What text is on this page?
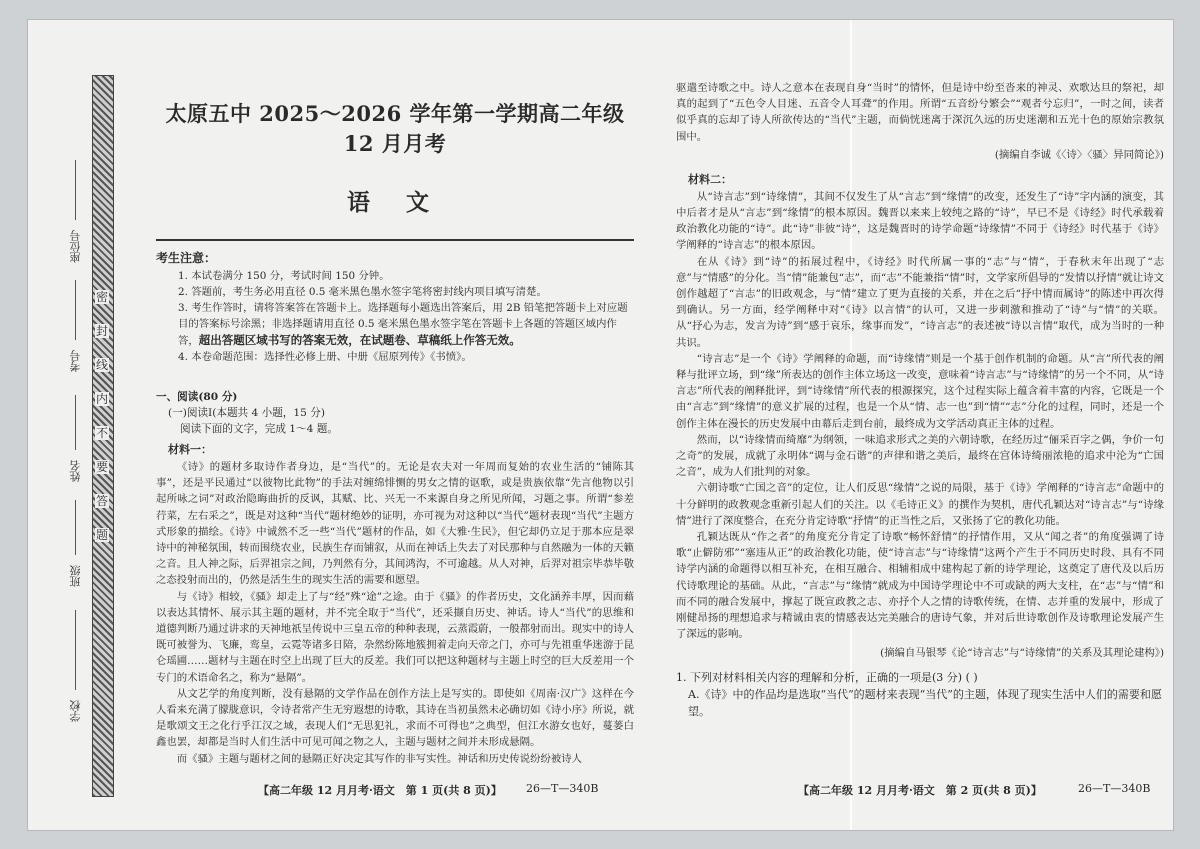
密
封
线
内
不
要
答
题
学校
班级
姓名
考号
座位号
太原五中 2025～2026 学年第一学期高二年级 12 月月考
语 文
考生注意：
1. 本试卷满分 150 分，考试时间 150 分钟。
2. 答题前，考生务必用直径 0.5 毫米黑色墨水签字笔将密封线内项目填写清楚。
3. 考生作答时，请将答案答在答题卡上。选择题每小题选出答案后，用 2B 铅笔把答题卡上对应题目的答案标号涂黑；非选择题请用直径 0.5 毫米黑色墨水签字笔在答题卡上各题的答题区域内作答，超出答题区域书写的答案无效，在试题卷、草稿纸上作答无效。
4. 本卷命题范围：选择性必修上册、中册《屈原列传》《书愤》。

一、阅读(80 分)

(一)阅读Ⅰ(本题共 4 小题，15 分)

阅读下面的文字，完成 1～4 题。

材料一：

《诗》的题材多取诗作者身边，是“当代”的。无论是农夫对一年周而复始的农业生活的“铺陈其事”，还是平民通过“以彼物比此物”的手法对缠绵悱恻的男女之情的讴歌，或是贵族依靠“先言他物以引起所咏之词”对政治隐晦曲折的反讽，其赋、比、兴无一不来源自身之所见所闻，习题之事。所谓“参差荇菜，左右采之”，既是对这种“当代”题材绝妙的证明，亦可视为对这种以“当代”题材表现“当代”主题方式形象的描绘。《诗》中诚然不乏一些“当代”题材的作品，如《大雅·生民》，但它却仍立足于那本应是翠诗中的神秘氛围，转而围绕农业，民族生存而铺叙，从而在神话上失去了对民那种与自然融为一体的天籁之音。且人神之际，后羿祖宗之间，乃判然有分，其间鸿沟，不可逾越。从人对神，后羿对祖宗毕恭毕敬之态投射而出的，仍然是活生生的现实生活的需要和愿望。

与《诗》相较，《骚》却走上了与“经”殊“途”之途。由于《骚》的作者历史，文化涵养丰厚，因而藉以表达其情怀、展示其主题的题材，并不完全取于“当代”，还采撷自历史、神话。诗人“当代”的思维和道德判断乃通过讲求的天神地祇呈传说中三皇五帝的种种表现，云蒸霞蔚，一般都射而出。现实中的诗人既可被誉为、飞廉，鸾皇，云霓等诸多日陪，杂然纷陈地簇拥着走向天帝之门，亦可与先祖重华迷游于昆仑瑶圃……题材与主题在时空上出现了巨大的反差。我们可以把这种题材与主题上时空的巨大反差用一个专门的术语命名之，称为“悬隔”。

从文艺学的角度判断，没有悬隔的文学作品在创作方法上是写实的。即使如《周南·汉广》这样在今人看来充满了朦胧意识，令诗者常产生无穷遐想的诗歌，其诗在当初虽然未必确切如《诗小序》所说，就是歌颂文王之化行乎江汉之域，表现人们“无思犯礼，求而不可得也”之典型，但江水游女也好，蔓蒌白鑫也罢，却都是当时人们生活中可见可闻之物之人，主题与题材之间并未形成悬隔。

而《骚》主题与题材之间的悬隔正好决定其写作的非写实性。神话和历史传说纷纷被诗人

驱遣至诗歌之中。诗人之意本在表现自身“当时”的情怀，但是诗中纷至沓来的神灵、欢歌达旦的祭祀，却真的起到了“五色令人目迷、五音令人耳聋”的作用。所谓“五音纷兮繁会”“观者兮忘归”，一时之间，读者似乎真的忘却了诗人所欲传达的“当代”主题，而倘恍迷离于深沉久远的历史迷潮和五光十色的原始宗教氛围中。

(摘编自李诚《〈诗〉〈骚〉异同简论》)

材料二：

从“诗言志”到“诗缘情”，其间不仅发生了从“言志”到“缘情”的改变，还发生了“诗”字内涵的演变，其中后者才是从“言志”到“缘情”的根本原因。魏晋以来来上较纯之路的“诗”，早已不是《诗经》时代承载着政治教化功能的“诗”。此“诗”非彼“诗”，这是魏晋时的诗学命题“诗缘情”不同于《诗经》时代基于《诗》学阐释的“诗言志”的根本原因。

在从《诗》到“诗”的拓展过程中，《诗经》时代所属一事的“志”与“情”，于春秋末年出现了“志意”与“情感”的分化。当“情”能兼包“志”，而“志”不能兼指“情”时，文学家所倡导的“发情以抒情”就让诗文创作越超了“言志”的旧政观念，与“情”建立了更为直接的关系，并在之后“抒中情而属诗”的陈述中再次得到确认。另一方面，经学阐释中对“《诗》以言情”的认可，又进一步刺激和推动了“诗”与“情”的关联。从“抒心为志，发言为诗”到“感于哀乐，缘事而发”，“诗言志”的表述被“诗以言情”取代，成为当时的一种共识。

“诗言志”是一个《诗》学阐释的命题，而“诗缘情”则是一个基于创作机制的命题。从“言”所代表的阐释与批评立场，到“缘”所表达的创作主体立场这一改变，意味着“诗言志”与“诗缘情”的另一个不同，从“诗言志”所代表的阐释批评，到“诗缘情”所代表的根源探究，这个过程实际上蕴含着丰富的内容，它既是一个由“言志”到“缘情”的意义扩展的过程，也是一个从“情、志一也”到“情”“志”分化的过程，同时，还是一个创作主体在漫长的历史发展中由幕后走到台前，最终成为文学活动真正主体的过程。

然而，以“诗缘情而绮靡”为纲领，一味追求形式之美的六朝诗歌，在经历过“俪采百字之偶，争价一句之奇”的发展，成就了永明体“调与金石谐”的声律和谐之美后，最终在宫体诗绮丽浓艳的追求中沦为“亡国之音”，成为人们批判的对象。

六朝诗歌“亡国之音”的定位，让人们反思“缘情”之说的局限，基于《诗》学阐释的“诗言志”命题中的十分鲜明的政教观念重新引起人们的关注。以《毛诗正义》的撰作为契机，唐代孔颖达对“诗言志”与“诗缘情”进行了深度整合，在充分肯定诗歌“抒情”的正当性之后，又张扬了它的教化功能。

孔颖达既从“作之者”的角度充分肯定了诗歌“畅怀舒情”的抒情作用，又从“闻之者”的角度强调了诗歌“止僻防邪”“塞违从正”的政治教化功能，使“诗言志”与“诗缘情”这两个产生于不同历史时段、具有不同诗学内涵的命题得以相互补充，在相互融合、相辅相成中建构起了新的诗学理论，这奠定了唐代及以后历代诗歌理论的基础。从此，“言志”与“缘情”就成为中国诗学理论中不可或缺的两大支柱，在“志”与“情”和而不同的融合发展中，撑起了既宣政教之志、亦抒个人之情的诗歌传统，在情、志并重的发展中，形成了刚健昂扬的理想追求与精诚由衷的情感表达完美融合的唐诗气象，并对后世诗歌创作及诗歌理论发展产生了深远的影响。

(摘编自马银琴《论“诗言志”与“诗缘情”的关系及其理论建构》)

1. 下列对材料相关内容的理解和分析，正确的一项是(3 分) ( )

A.《诗》中的作品均是选取“当代”的题材来表现“当代”的主题，体现了现实生活中人们的需要和愿望。

【高二年级 12 月月考·语文　第 1 页(共 8 页)】 26—T—340B	【高二年级 12 月月考·语文　第 2 页(共 8 页)】	26—T—340B
